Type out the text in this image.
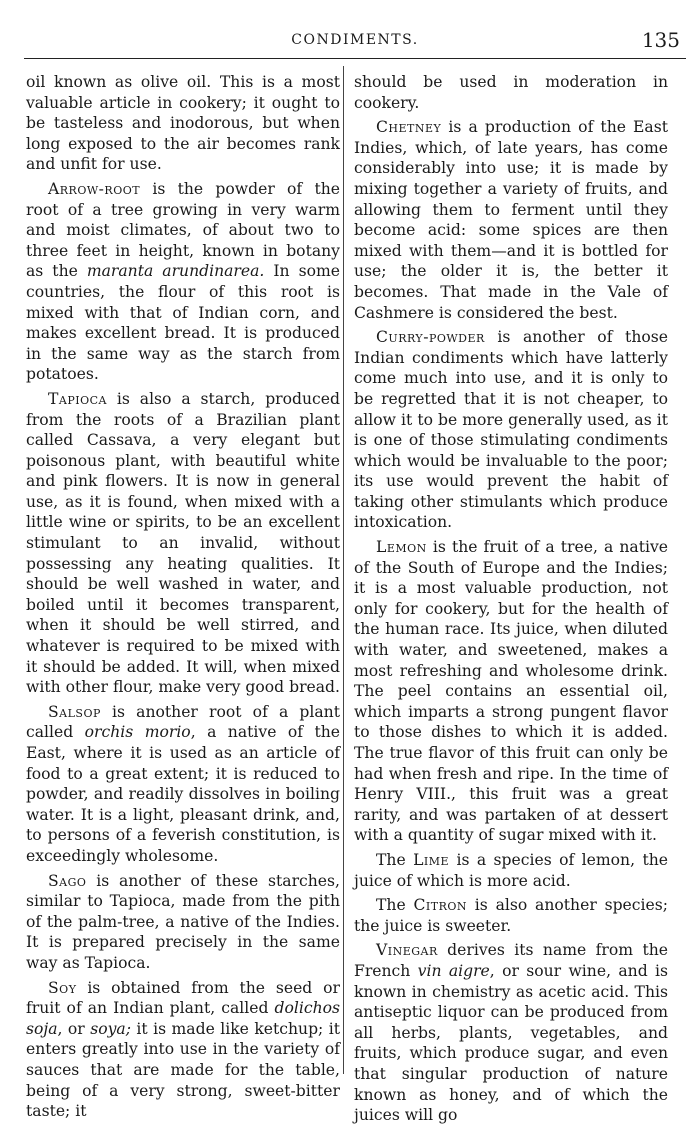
CONDIMENTS.	135

oil known as olive oil. This is a most valuable article in cookery; it ought to be tasteless and inodorous, but when long exposed to the air becomes rank and unfit for use.

Arrow-root is the powder of the root of a tree growing in very warm and moist climates, of about two to three feet in height, known in botany as the maranta arundinarea. In some countries, the flour of this root is mixed with that of Indian corn, and makes excellent bread. It is produced in the same way as the starch from potatoes.

Tapioca is also a starch, produced from the roots of a Brazilian plant called Cassava, a very elegant but poisonous plant, with beautiful white and pink flowers. It is now in general use, as it is found, when mixed with a little wine or spirits, to be an excellent stimulant to an invalid, without possessing any heating qualities. It should be well washed in water, and boiled until it becomes transparent, when it should be well stirred, and whatever is required to be mixed with it should be added. It will, when mixed with other flour, make very good bread.

Salsop is another root of a plant called orchis morio, a native of the East, where it is used as an article of food to a great extent; it is reduced to powder, and readily dissolves in boiling water. It is a light, pleasant drink, and, to persons of a feverish constitution, is exceedingly wholesome.

Sago is another of these starches, similar to Tapioca, made from the pith of the palm-tree, a native of the Indies. It is prepared precisely in the same way as Tapioca.

Soy is obtained from the seed or fruit of an Indian plant, called dolichos soja, or soya; it is made like ketchup; it enters greatly into use in the variety of sauces that are made for the table, being of a very strong, sweet-bitter taste; it

should be used in moderation in cookery.

Chetney is a production of the East Indies, which, of late years, has come considerably into use; it is made by mixing together a variety of fruits, and allowing them to ferment until they become acid: some spices are then mixed with them—and it is bottled for use; the older it is, the better it becomes. That made in the Vale of Cashmere is considered the best.

Curry-powder is another of those Indian condiments which have latterly come much into use, and it is only to be regretted that it is not cheaper, to allow it to be more generally used, as it is one of those stimulating condiments which would be invaluable to the poor; its use would prevent the habit of taking other stimulants which produce intoxication.

Lemon is the fruit of a tree, a native of the South of Europe and the Indies; it is a most valuable production, not only for cookery, but for the health of the human race. Its juice, when diluted with water, and sweetened, makes a most refreshing and wholesome drink. The peel contains an essential oil, which imparts a strong pungent flavor to those dishes to which it is added. The true flavor of this fruit can only be had when fresh and ripe. In the time of Henry VIII., this fruit was a great rarity, and was partaken of at dessert with a quantity of sugar mixed with it.

The Lime is a species of lemon, the juice of which is more acid.

The Citron is also another species; the juice is sweeter.

Vinegar derives its name from the French vin aigre, or sour wine, and is known in chemistry as acetic acid. This antiseptic liquor can be produced from all herbs, plants, vegetables, and fruits, which produce sugar, and even that singular production of nature known as honey, and of which the juices will go
